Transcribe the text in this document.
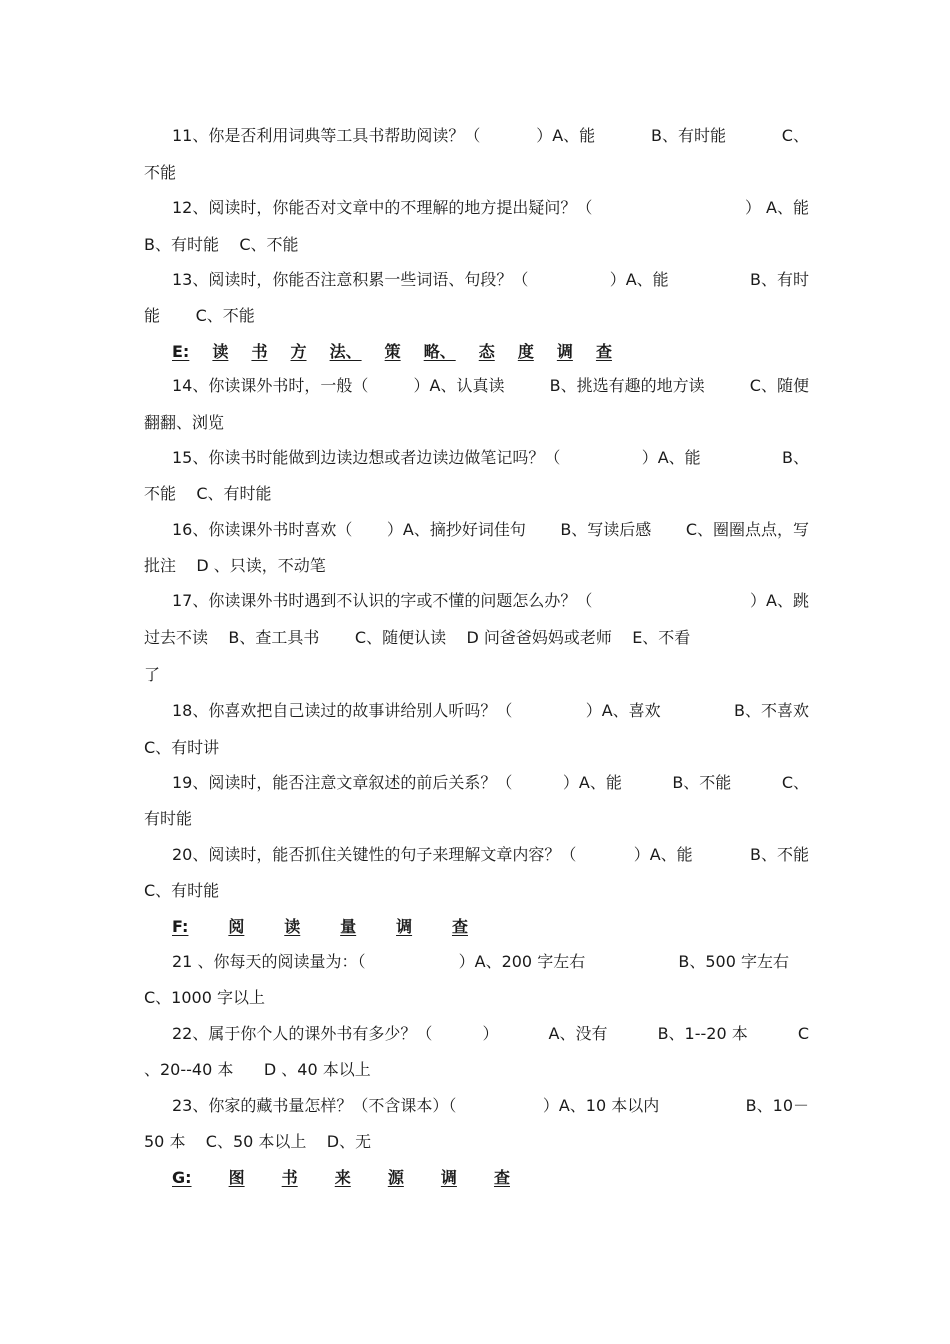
11、你是否利用词典等工具书帮助阅读？（	）A、能	B、有时能	C、
不能
12、阅读时，你能否对文章中的不理解的地方提出疑问？（	） A、能
B、有时能    C、不能
13、阅读时，你能否注意积累一些词语、句段？（	）A、能	B、有时
能       C、不能
E: 读 书 方 法、 策 略、 态 度 调 查
14、你读课外书时，一般（	）A、认真读	B、挑选有趣的地方读	C、随便
翻翻、浏览
15、你读书时能做到边读边想或者边读边做笔记吗？（	）A、能	B、
不能    C、有时能
16、你读课外书时喜欢（ ）A、摘抄好词佳句 B、写读后感 C、圈圈点点，写
批注    D 、只读，不动笔
17、你读课外书时遇到不认识的字或不懂的问题怎么办？（	）A、跳
过去不读    B、查工具书       C、随便认读    D 问爸爸妈妈或老师    E、不看
了
18、你喜欢把自己读过的故事讲给别人听吗？（	）A、喜欢	B、不喜欢
C、有时讲
19、阅读时，能否注意文章叙述的前后关系？（	）A、能	B、不能	C、
有时能
20、阅读时，能否抓住关键性的句子来理解文章内容？（	）A、能	B、不能
C、有时能
F: 阅 读 量 调 查
21 、你每天的阅读量为：（	）A、200 字左右	B、500 字左右
C、1000 字以上
22、属于你个人的课外书有多少？（	）	A、没有	B、1--20 本	C
、20--40 本      D 、40 本以上
23、你家的藏书量怎样？（不含课本）（	）A、10 本以内	B、10－
50 本    C、50 本以上    D、无
G: 图 书 来 源 调 查
